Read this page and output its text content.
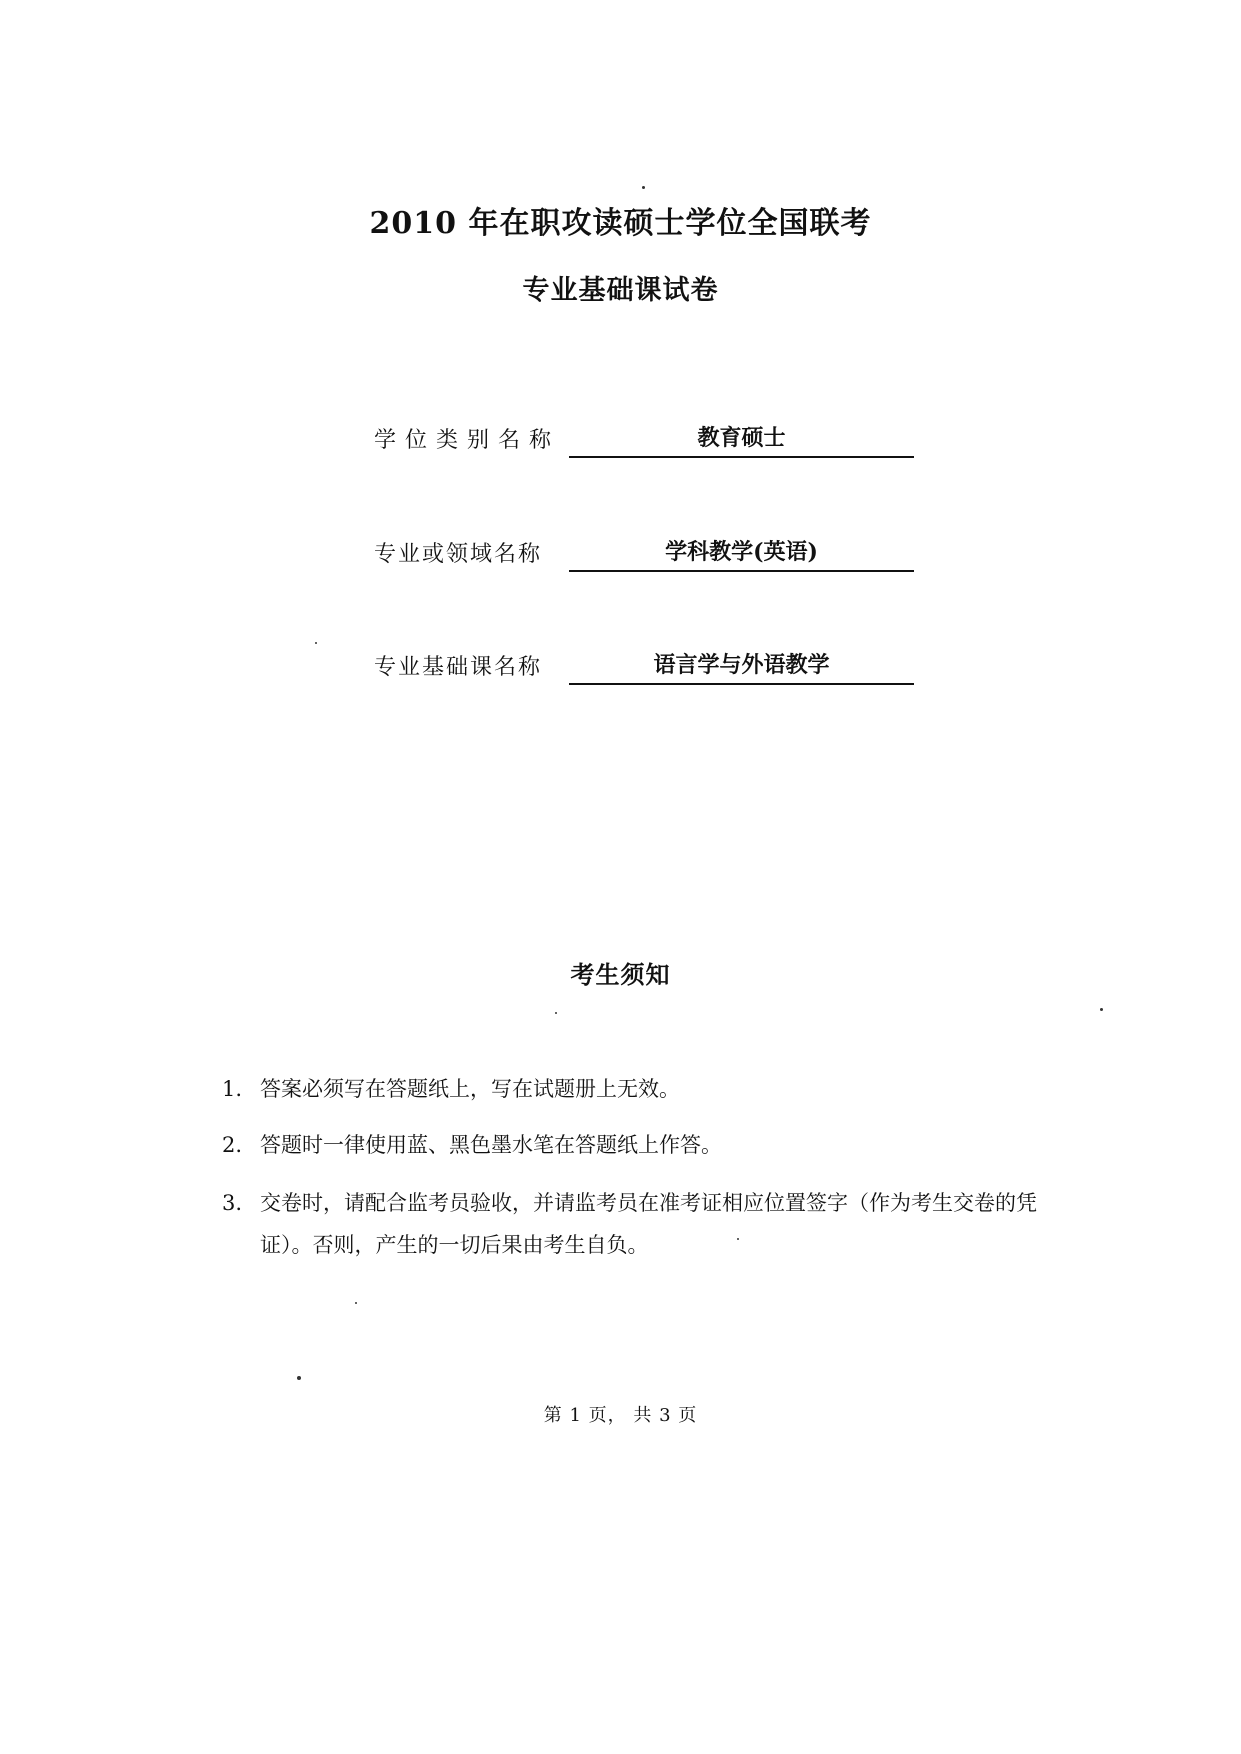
2010 年在职攻读硕士学位全国联考
专业基础课试卷
学位类别名称	教育硕士
专业或领域名称	学科教学(英语)
专业基础课名称	语言学与外语教学
考生须知
1. 答案必须写在答题纸上，写在试题册上无效。
2. 答题时一律使用蓝、黑色墨水笔在答题纸上作答。
3. 交卷时，请配合监考员验收，并请监考员在准考证相应位置签字（作为考生交卷的凭证）。否则，产生的一切后果由考生自负。
第 1 页， 共 3 页
